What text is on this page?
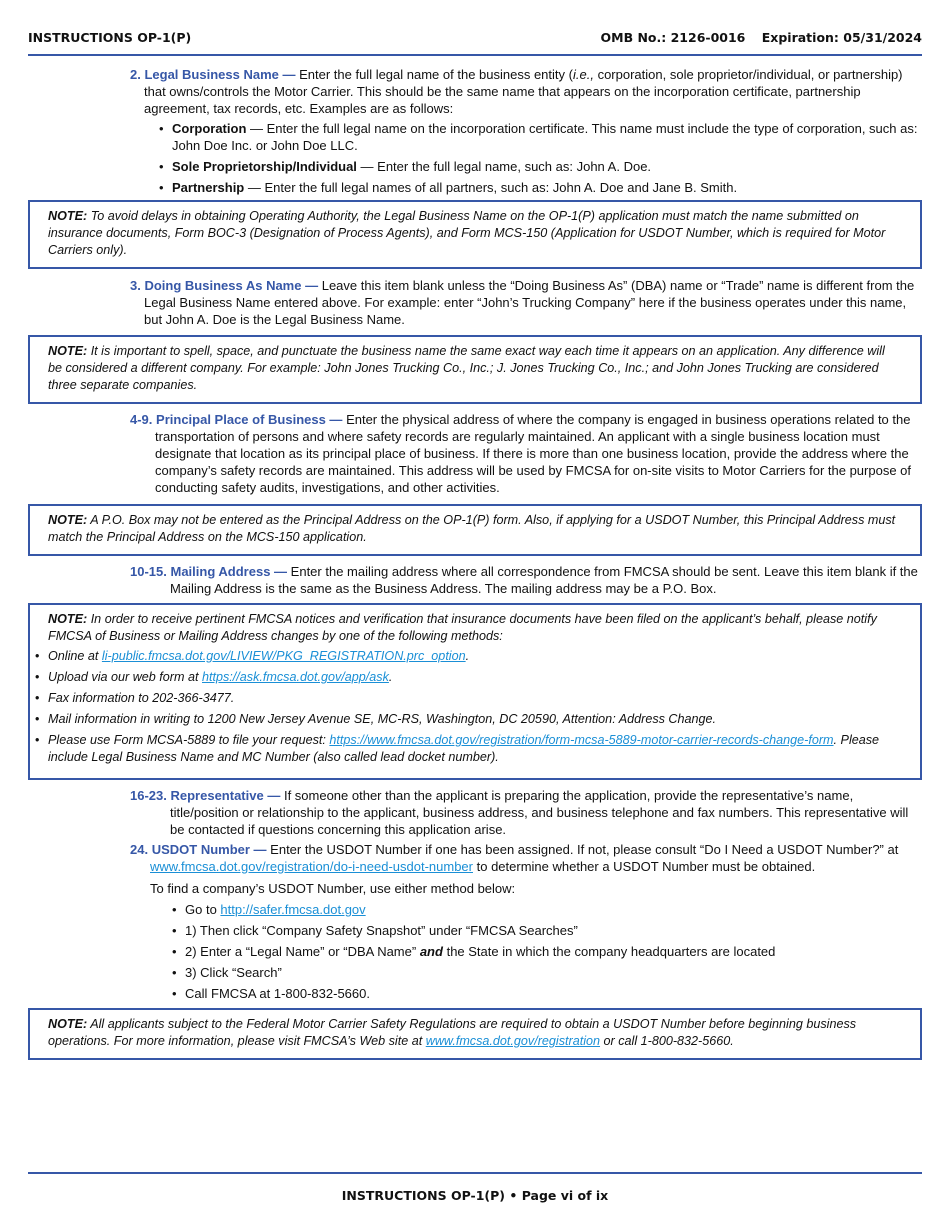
INSTRUCTIONS OP-1(P)	OMB No.: 2126-0016 Expiration: 05/31/2024
2. Legal Business Name — Enter the full legal name of the business entity (i.e., corporation, sole proprietor/individual, or partnership) that owns/controls the Motor Carrier. This should be the same name that appears on the incorporation certificate, partnership agreement, tax records, etc. Examples are as follows:
• Corporation — Enter the full legal name on the incorporation certificate. This name must include the type of corporation, such as: John Doe Inc. or John Doe LLC.
• Sole Proprietorship/Individual — Enter the full legal name, such as: John A. Doe.
• Partnership — Enter the full legal names of all partners, such as: John A. Doe and Jane B. Smith.
NOTE: To avoid delays in obtaining Operating Authority, the Legal Business Name on the OP-1(P) application must match the name submitted on insurance documents, Form BOC-3 (Designation of Process Agents), and Form MCS-150 (Application for USDOT Number, which is required for Motor Carriers only).
3. Doing Business As Name — Leave this item blank unless the “Doing Business As” (DBA) name or “Trade” name is different from the Legal Business Name entered above. For example: enter “John’s Trucking Company” here if the business operates under this name, but John A. Doe is the Legal Business Name.
NOTE: It is important to spell, space, and punctuate the business name the same exact way each time it appears on an application. Any difference will be considered a different company. For example: John Jones Trucking Co., Inc.; J. Jones Trucking Co., Inc.; and John Jones Trucking are considered three separate companies.
4-9. Principal Place of Business — Enter the physical address of where the company is engaged in business operations related to the transportation of persons and where safety records are regularly maintained. An applicant with a single business location must designate that location as its principal place of business. If there is more than one business location, provide the address where the company’s safety records are maintained. This address will be used by FMCSA for on-site visits to Motor Carriers for the purpose of conducting safety audits, investigations, and other activities.
NOTE: A P.O. Box may not be entered as the Principal Address on the OP-1(P) form. Also, if applying for a USDOT Number, this Principal Address must match the Principal Address on the MCS-150 application.
10-15. Mailing Address — Enter the mailing address where all correspondence from FMCSA should be sent. Leave this item blank if the Mailing Address is the same as the Business Address. The mailing address may be a P.O. Box.
NOTE: In order to receive pertinent FMCSA notices and verification that insurance documents have been filed on the applicant’s behalf, please notify FMCSA of Business or Mailing Address changes by one of the following methods:
• Online at li-public.fmcsa.dot.gov/LIVIEW/PKG_REGISTRATION.prc_option.
• Upload via our web form at https://ask.fmcsa.dot.gov/app/ask.
• Fax information to 202-366-3477.
• Mail information in writing to 1200 New Jersey Avenue SE, MC-RS, Washington, DC 20590, Attention: Address Change.
• Please use Form MCSA-5889 to file your request: https://www.fmcsa.dot.gov/registration/form-mcsa-5889-motor-carrier-records-change-form. Please include Legal Business Name and MC Number (also called lead docket number).
16-23. Representative — If someone other than the applicant is preparing the application, provide the representative’s name, title/position or relationship to the applicant, business address, and business telephone and fax numbers. This representative will be contacted if questions concerning this application arise.
24. USDOT Number — Enter the USDOT Number if one has been assigned. If not, please consult “Do I Need a USDOT Number?” at www.fmcsa.dot.gov/registration/do-i-need-usdot-number to determine whether a USDOT Number must be obtained.
To find a company’s USDOT Number, use either method below:
• Go to http://safer.fmcsa.dot.gov
• 1) Then click “Company Safety Snapshot” under “FMCSA Searches”
• 2) Enter a “Legal Name” or “DBA Name” and the State in which the company headquarters are located
• 3) Click “Search”
• Call FMCSA at 1-800-832-5660.
NOTE: All applicants subject to the Federal Motor Carrier Safety Regulations are required to obtain a USDOT Number before beginning business operations. For more information, please visit FMCSA’s Web site at www.fmcsa.dot.gov/registration or call 1-800-832-5660.
INSTRUCTIONS OP-1(P) • Page vi of ix
